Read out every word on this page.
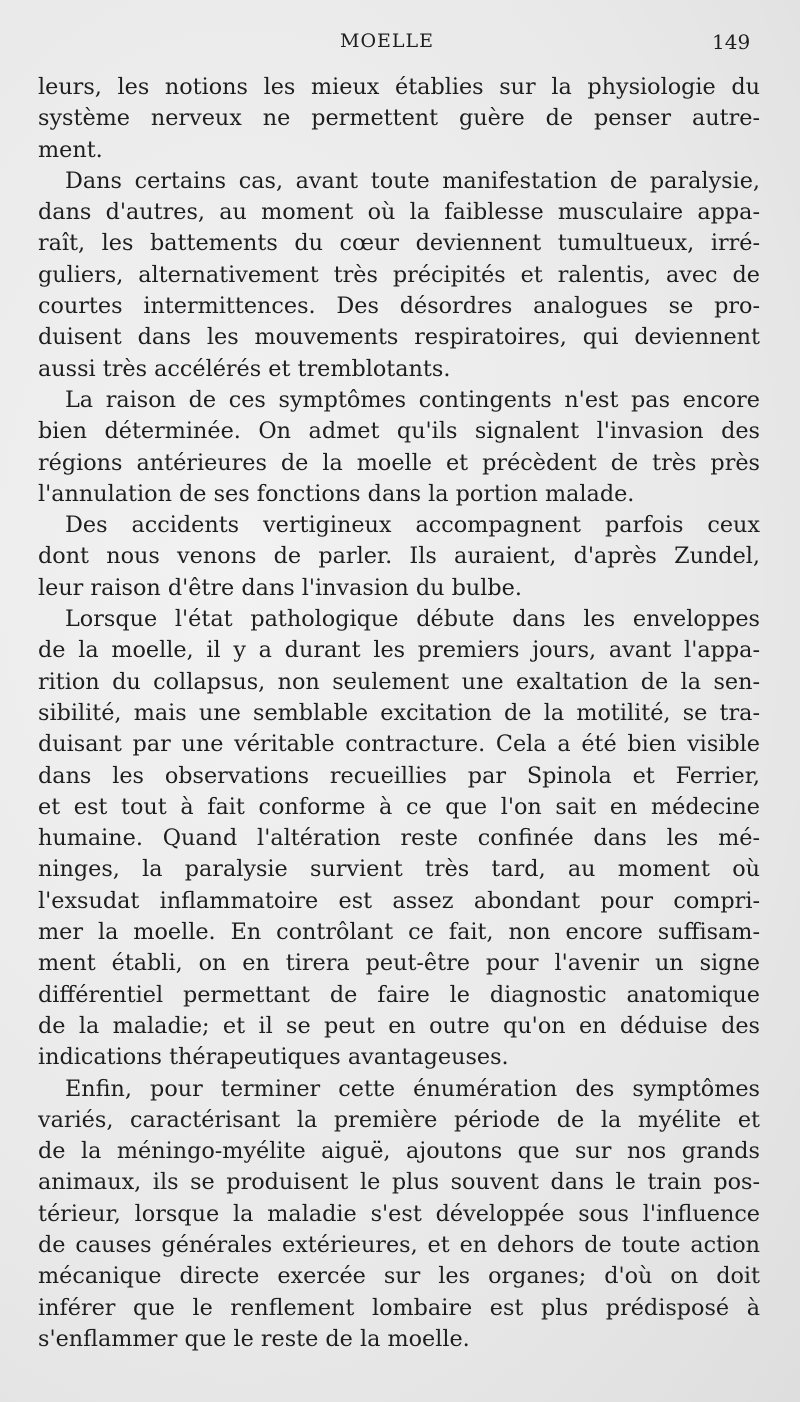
MOELLE	149
leurs, les notions les mieux établies sur la physiologie du
système nerveux ne permettent guère de penser autre-
ment.
Dans certains cas, avant toute manifestation de paralysie,
dans d'autres, au moment où la faiblesse musculaire appa-
raît, les battements du cœur deviennent tumultueux, irré-
guliers, alternativement très précipités et ralentis, avec de
courtes intermittences. Des désordres analogues se pro-
duisent dans les mouvements respiratoires, qui deviennent
aussi très accélérés et tremblotants.
La raison de ces symptômes contingents n'est pas encore
bien déterminée. On admet qu'ils signalent l'invasion des
régions antérieures de la moelle et précèdent de très près
l'annulation de ses fonctions dans la portion malade.
Des accidents vertigineux accompagnent parfois ceux
dont nous venons de parler. Ils auraient, d'après Zundel,
leur raison d'être dans l'invasion du bulbe.
Lorsque l'état pathologique débute dans les enveloppes
de la moelle, il y a durant les premiers jours, avant l'appa-
rition du collapsus, non seulement une exaltation de la sen-
sibilité, mais une semblable excitation de la motilité, se tra-
duisant par une véritable contracture. Cela a été bien visible
dans les observations recueillies par Spinola et Ferrier,
et est tout à fait conforme à ce que l'on sait en médecine
humaine. Quand l'altération reste confinée dans les mé-
ninges, la paralysie survient très tard, au moment où
l'exsudat inflammatoire est assez abondant pour compri-
mer la moelle. En contrôlant ce fait, non encore suffisam-
ment établi, on en tirera peut-être pour l'avenir un signe
différentiel permettant de faire le diagnostic anatomique
de la maladie; et il se peut en outre qu'on en déduise des
indications thérapeutiques avantageuses.
Enfin, pour terminer cette énumération des symptômes
variés, caractérisant la première période de la myélite et
de la méningo-myélite aiguë, ajoutons que sur nos grands
animaux, ils se produisent le plus souvent dans le train pos-
térieur, lorsque la maladie s'est développée sous l'influence
de causes générales extérieures, et en dehors de toute action
mécanique directe exercée sur les organes; d'où on doit
inférer que le renflement lombaire est plus prédisposé à
s'enflammer que le reste de la moelle.
